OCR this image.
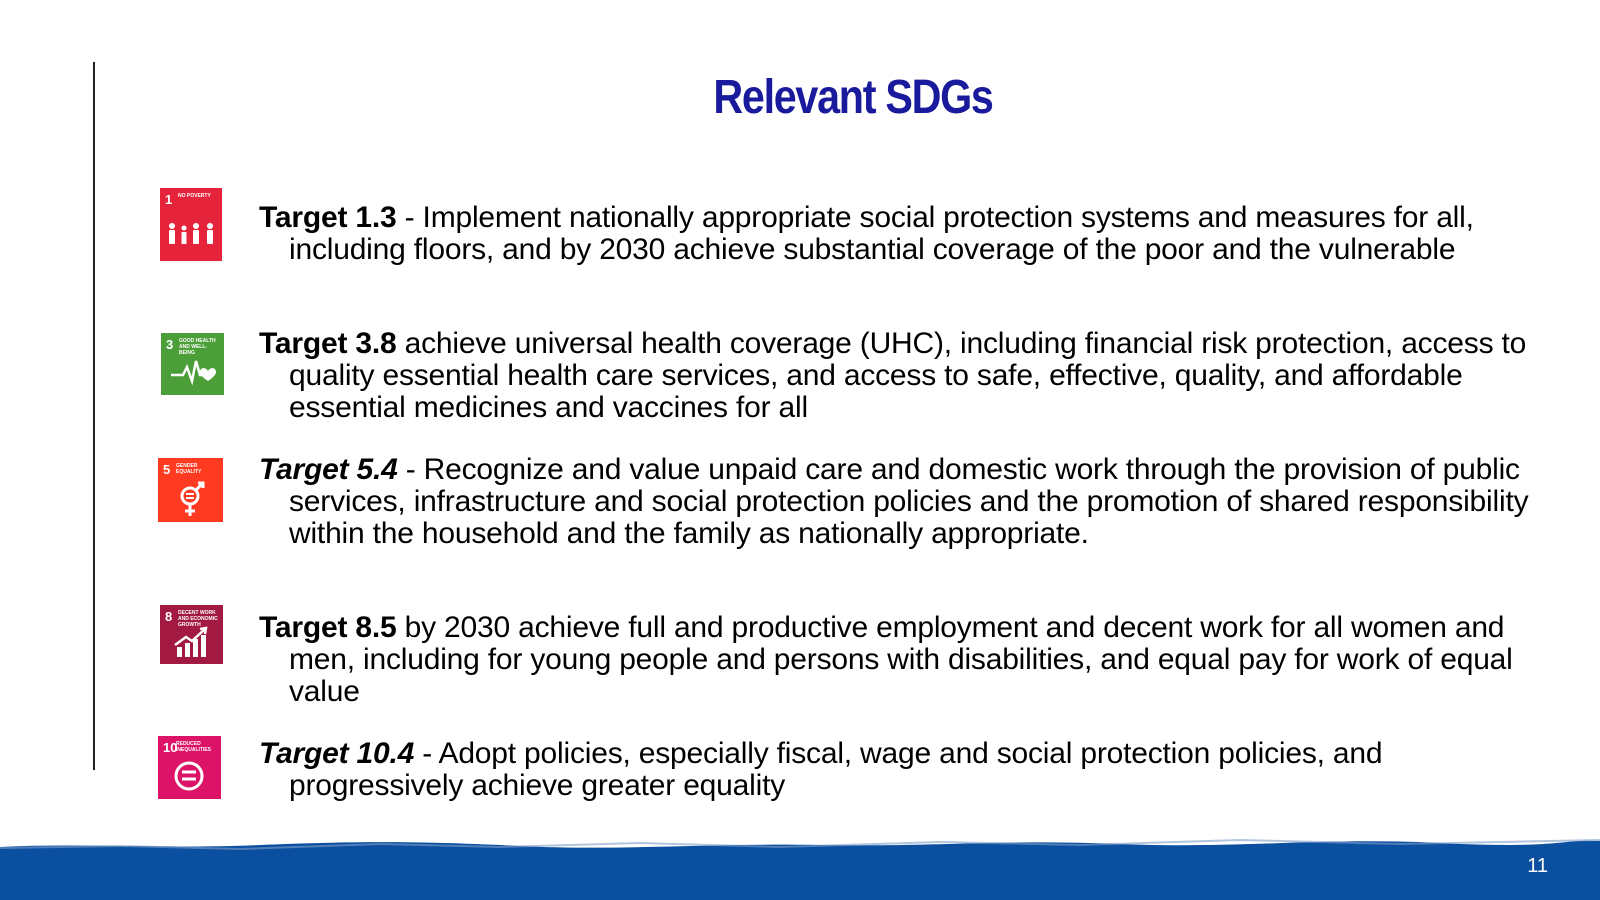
Relevant SDGs
1 NO POVERTY

Target 1.3 - Implement nationally appropriate social protection systems and measures for all, including floors, and by 2030 achieve substantial coverage of the poor and the vulnerable

3 GOOD HEALTH AND WELL-BEING	Target 3.8 achieve universal health coverage (UHC), including financial risk protection, access to quality essential health care services, and access to safe, effective, quality, and affordable essential medicines and vaccines for all

5 GENDER EQUALITY	Target 5.4 - Recognize and value unpaid care and domestic work through the provision of public services, infrastructure and social protection policies and the promotion of shared responsibility within the household and the family as nationally appropriate.

8 DECENT WORK AND ECONOMIC GROWTH	Target 8.5 by 2030 achieve full and productive employment and decent work for all women and men, including for young people and persons with disabilities, and equal pay for work of equal value

10
REDUCED INEQUALITIES Target 10.4 - Adopt policies, especially fiscal, wage and social protection policies, and progressively achieve greater equality

11
